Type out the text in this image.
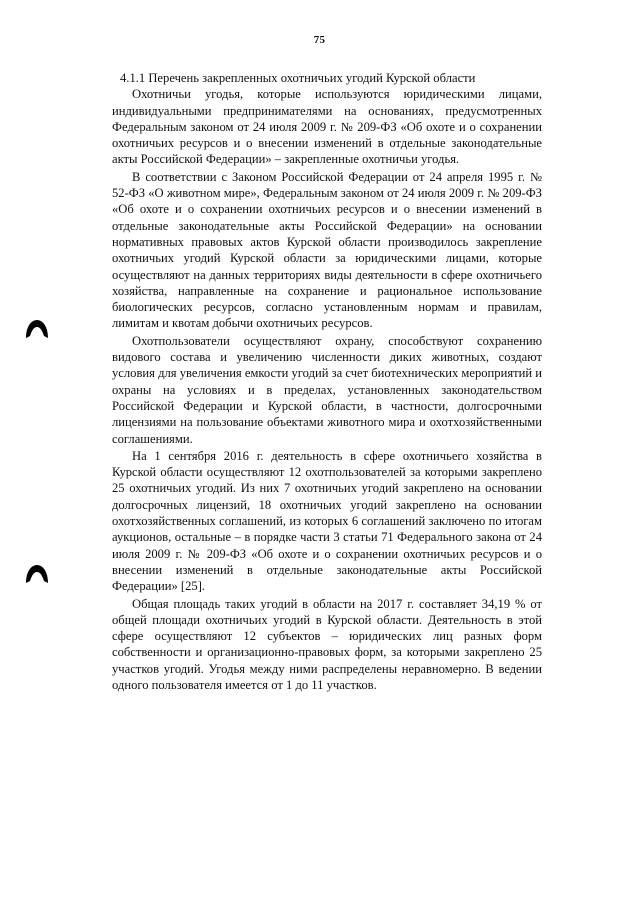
75

4.1.1 Перечень закрепленных охотничьих угодий Курской области

Охотничьи угодья, которые используются юридическими лицами, индивидуальными предпринимателями на основаниях, предусмотренных Федеральным законом от 24 июля 2009 г. № 209-ФЗ «Об охоте и о сохранении охотничьих ресурсов и о внесении изменений в отдельные законодательные акты Российской Федерации» – закрепленные охотничьи угодья.

В соответствии с Законом Российской Федерации от 24 апреля 1995 г. № 52-ФЗ «О животном мире», Федеральным законом от 24 июля 2009 г. № 209-ФЗ «Об охоте и о сохранении охотничьих ресурсов и о внесении изменений в отдельные законодательные акты Российской Федерации» на основании нормативных правовых актов Курской области производилось закрепление охотничьих угодий Курской области за юридическими лицами, которые осуществляют на данных территориях виды деятельности в сфере охотничьего хозяйства, направленные на сохранение и рациональное использование биологических ресурсов, согласно установленным нормам и правилам, лимитам и квотам добычи охотничьих ресурсов.

Охотпользователи осуществляют охрану, способствуют сохранению видового состава и увеличению численности диких животных, создают условия для увеличения емкости угодий за счет биотехнических мероприятий и охраны на условиях и в пределах, установленных законодательством Российской Федерации и Курской области, в частности, долгосрочными лицензиями на пользование объектами животного мира и охотхозяйственными соглашениями.

На 1 сентября 2016 г. деятельность в сфере охотничьего хозяйства в Курской области осуществляют 12 охотпользователей за которыми закреплено 25 охотничьих угодий. Из них 7 охотничьих угодий закреплено на основании долгосрочных лицензий, 18 охотничьих угодий закреплено на основании охотхозяйственных соглашений, из которых 6 соглашений заключено по итогам аукционов, остальные – в порядке части 3 статьи 71 Федерального закона от 24 июля 2009 г. № 209-ФЗ «Об охоте и о сохранении охотничьих ресурсов и о внесении изменений в отдельные законодательные акты Российской Федерации» [25].

Общая площадь таких угодий в области на 2017 г. составляет 34,19 % от общей площади охотничьих угодий в Курской области. Деятельность в этой сфере осуществляют 12 субъектов – юридических лиц разных форм собственности и организационно-правовых форм, за которыми закреплено 25 участков угодий. Угодья между ними распределены неравномерно. В ведении одного пользователя имеется от 1 до 11 участков.
